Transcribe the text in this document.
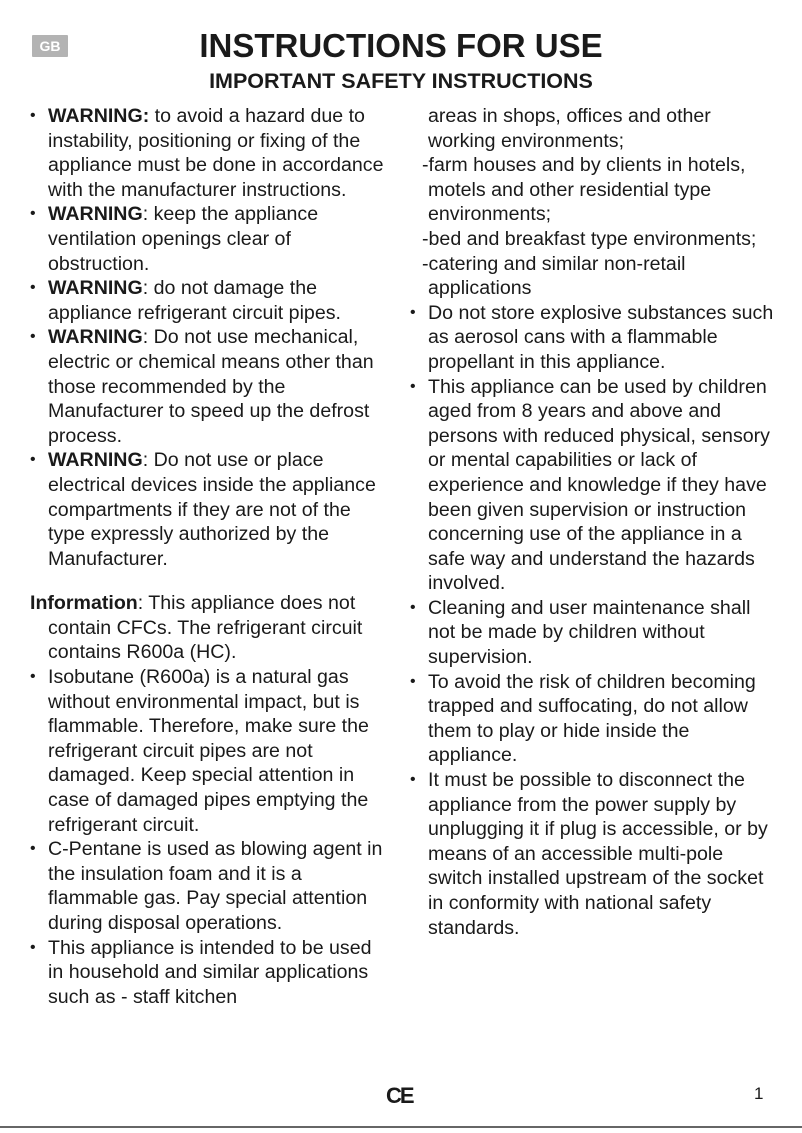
GB	INSTRUCTIONS FOR USE
IMPORTANT SAFETY INSTRUCTIONS
• WARNING: to avoid a hazard due to instability, positioning or fixing of the appliance must be done in accordance with the manufacturer instructions.
• WARNING: keep the appliance ventilation openings clear of obstruction.
• WARNING: do not damage the appliance refrigerant circuit pipes.
• WARNING: Do not use mechanical, electric or chemical means other than those recommended by the Manufacturer to speed up the defrost process.
• WARNING: Do not use or place electrical devices inside the appliance compartments if they are not of the type expressly authorized by the Manufacturer.
Information: This appliance does not contain CFCs. The refrigerant circuit contains R600a (HC).
• Isobutane (R600a) is a natural gas without environmental impact, but is flammable. Therefore, make sure the refrigerant circuit pipes are not damaged. Keep special attention in case of damaged pipes emptying the refrigerant circuit.
• C-Pentane is used as blowing agent in the insulation foam and it is a flammable gas. Pay special attention during disposal operations.
• This appliance is intended to be used in household and similar applications such as - staff kitchen
areas in shops, offices and other working environments;
-farm houses and by clients in hotels, motels and other residential type environments;
-bed and breakfast type environments;
-catering and similar non-retail applications
• Do not store explosive substances such as aerosol cans with a flammable propellant in this appliance.
• This appliance can be used by children aged from 8 years and above and persons with reduced physical, sensory or mental capabilities or lack of experience and knowledge if they have been given supervision or instruction concerning use of the appliance in a safe way and understand the hazards involved.
• Cleaning and user maintenance shall not be made by children without supervision.
• To avoid the risk of children becoming trapped and suffocating, do not allow them to play or hide inside the appliance.
• It must be possible to disconnect the appliance from the power supply by unplugging it if plug is accessible, or by means of an accessible multi-pole switch installed upstream of the socket in conformity with national safety standards.
CE	1
